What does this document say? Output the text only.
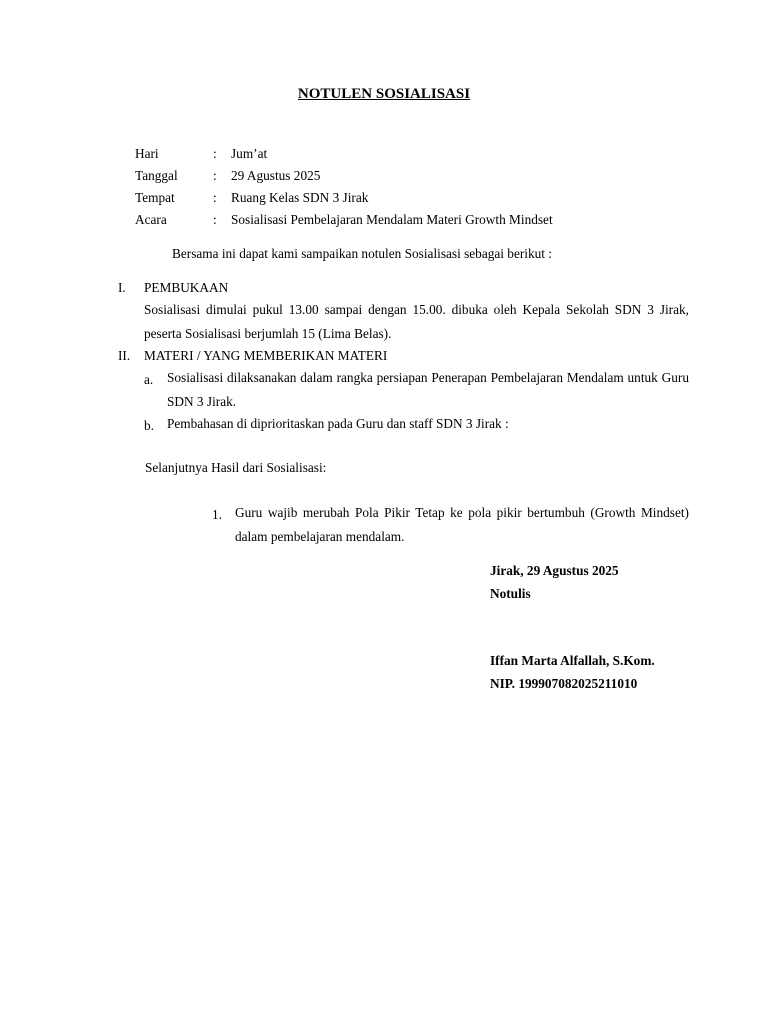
NOTULEN SOSIALISASI
Hari	:	Jum’at
Tanggal	:	29 Agustus 2025
Tempat	:	Ruang Kelas SDN 3 Jirak
Acara	:	Sosialisasi Pembelajaran Mendalam Materi Growth Mindset
Bersama ini dapat kami sampaikan notulen Sosialisasi sebagai berikut :
I. PEMBUKAAN
Sosialisasi dimulai pukul 13.00 sampai dengan 15.00. dibuka oleh Kepala Sekolah SDN 3 Jirak, peserta Sosialisasi berjumlah 15 (Lima Belas).
II. MATERI / YANG MEMBERIKAN MATERI
a. Sosialisasi dilaksanakan dalam rangka persiapan Penerapan Pembelajaran Mendalam untuk Guru SDN 3 Jirak.
b. Pembahasan di diprioritaskan pada Guru dan staff SDN 3 Jirak :
Selanjutnya Hasil dari Sosialisasi:
1. Guru wajib merubah Pola Pikir Tetap ke pola pikir bertumbuh (Growth Mindset) dalam pembelajaran mendalam.
Jirak, 29 Agustus 2025
Notulis
Iffan Marta Alfallah, S.Kom.
NIP. 199907082025211010
